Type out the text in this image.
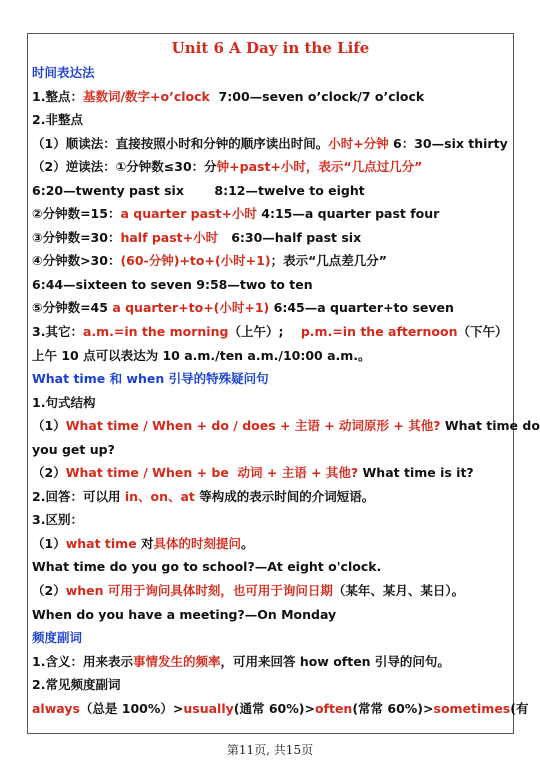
Unit 6 A Day in the Life
时间表达法
1.整点：基数词/数字+o’clock  7:00—seven o’clock/7 o’clock
2.非整点
（1）顺读法：直接按照小时和分钟的顺序读出时间。小时+分钟 6：30—six thirty
（2）逆读法：①分钟数≤30：分钟+past+小时，表示“几点过几分”
6:20—twenty past six       8:12—twelve to eight
②分钟数=15：a quarter past+小时 4:15—a quarter past four
③分钟数=30：half past+小时   6:30—half past six
④分钟数>30：(60-分钟)+to+(小时+1)；表示“几点差几分”
6:44—sixteen to seven 9:58—two to ten
⑤分钟数=45 a quarter+to+(小时+1) 6:45—a quarter+to seven
3.其它：a.m.=in the morning（上午）;    p.m.=in the afternoon（下午）
上午 10 点可以表达为 10 a.m./ten a.m./10:00 a.m.。
What time 和 when 引导的特殊疑问句
1.句式结构
（1）What time / When + do / does + 主语 + 动词原形 + 其他? What time do
you get up?
（2）What time / When + be  动词 + 主语 + 其他? What time is it?
2.回答：可以用 in、on、at 等构成的表示时间的介词短语。
3.区别：
（1）what time 对具体的时刻提问。
What time do you go to school?—At eight o'clock.
（2）when 可用于询问具体时刻，也可用于询问日期（某年、某月、某日）。
When do you have a meeting?—On Monday
频度副词
1.含义：用来表示事情发生的频率，可用来回答 how often 引导的问句。
2.常见频度副词
always（总是 100%）>usually(通常 60%)>often(常常 60%)>sometimes(有
第11页, 共15页
